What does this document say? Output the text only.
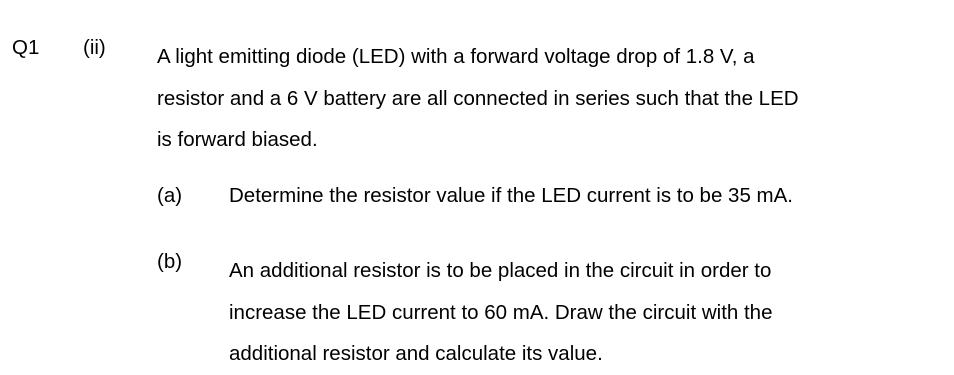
Q1 (ii) A light emitting diode (LED) with a forward voltage drop of 1.8 V, a
resistor and a 6 V battery are all connected in series such that the LED
is forward biased.
(a) Determine the resistor value if the LED current is to be 35 mA.
(b) An additional resistor is to be placed in the circuit in order to
increase the LED current to 60 mA. Draw the circuit with the
additional resistor and calculate its value.
